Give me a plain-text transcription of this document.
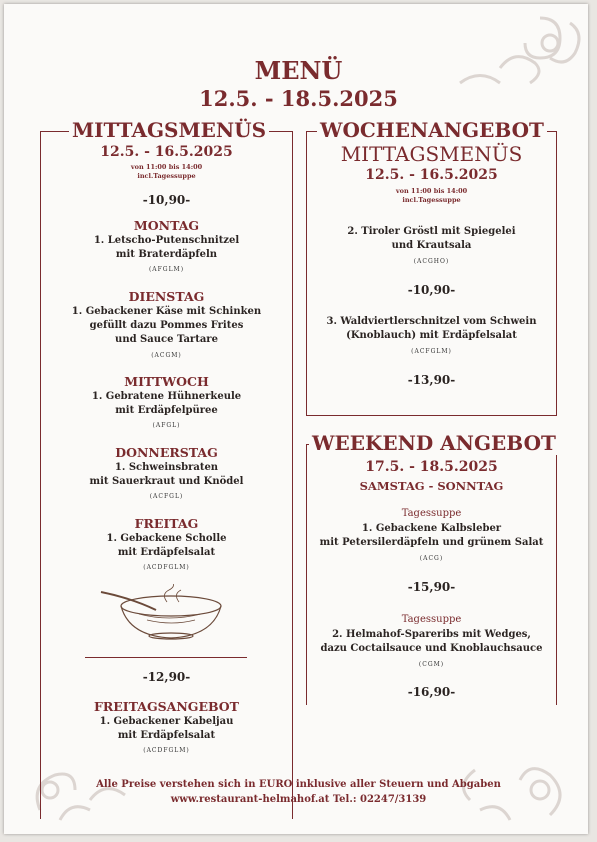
MENÜ
12.5. - 18.5.2025
MITTAGSMENÜS
12.5. - 16.5.2025
von 11:00 bis 14:00
incl.Tagessuppe
-10,90-
MONTAG
1. Letscho-Putenschnitzel
mit Braterdäpfeln
(AFGLM)
DIENSTAG
1. Gebackener Käse mit Schinken
gefüllt dazu Pommes Frites
und Sauce Tartare
(ACGM)
MITTWOCH
1. Gebratene Hühnerkeule
mit Erdäpfelpüree
(AFGL)
DONNERSTAG
1. Schweinsbraten
mit Sauerkraut und Knödel
(ACFGL)
FREITAG
1. Gebackene Scholle
mit Erdäpfelsalat
(ACDFGLM)
-12,90-
FREITAGSANGEBOT
1. Gebackener Kabeljau
mit Erdäpfelsalat
(ACDFGLM)
WOCHENANGEBOT
MITTAGSMENÜS
12.5. - 16.5.2025
von 11:00 bis 14:00
incl.Tagessuppe
2. Tiroler Gröstl mit Spiegelei
und Krautsala
(ACGHO)
-10,90-
3. Waldviertlerschnitzel vom Schwein
(Knoblauch) mit Erdäpfelsalat
(ACFGLM)
-13,90-
WEEKEND ANGEBOT
17.5. - 18.5.2025
SAMSTAG - SONNTAG
Tagessuppe
1. Gebackene Kalbsleber
mit Petersilerdäpfeln und grünem Salat
(ACG)
-15,90-
Tagessuppe
2. Helmahof-Spareribs mit Wedges,
dazu Coctailsauce und Knoblauchsauce
(CGM)
-16,90-
Alle Preise verstehen sich in EURO inklusive aller Steuern und Abgaben
www.restaurant-helmahof.at Tel.: 02247/3139
